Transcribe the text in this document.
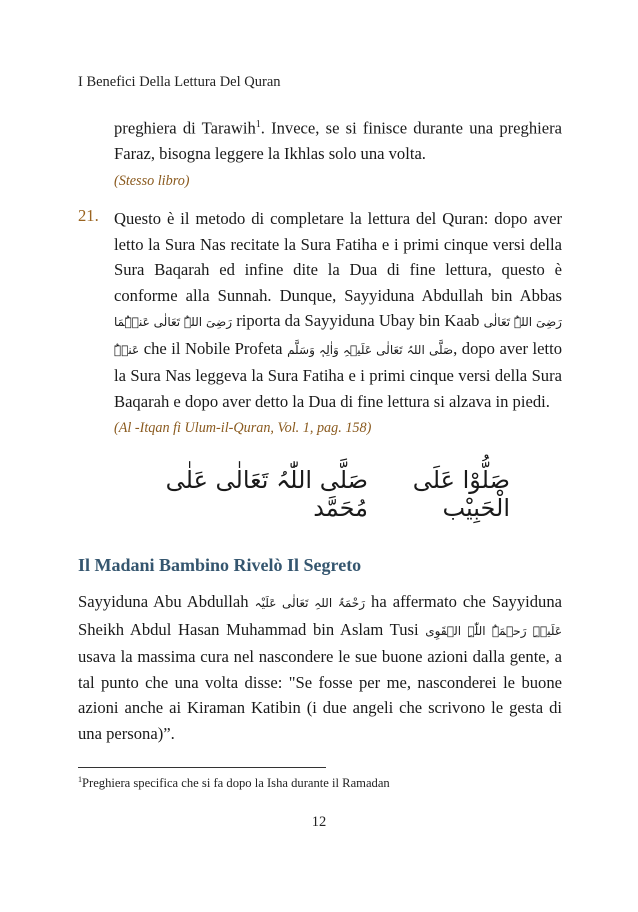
I Benefici Della Lettura Del Quran
preghiera di Tarawih$^1$. Invece, se si finisce durante una preghiera Faraz, bisogna leggere la Ikhlas solo una volta.
(Stesso libro)
21. Questo è il metodo di completare la lettura del Quran: dopo aver letto la Sura Nas recitate la Sura Fatiha e i primi cinque versi della Sura Baqarah ed infine dite la Dua di fine lettura, questo è conforme alla Sunnah. Dunque, Sayyiduna Abdullah bin Abbas رَضِیَ اللہُ تَعَالٰی عَنۡہُمَا riporta da Sayyiduna Ubay bin Kaab رَضِیَ اللہُ تَعَالٰی عَنۡہُ che il Nobile Profeta صَلَّی اللہُ تَعَالٰی عَلَیۡہِ وَاٰلِہٖ وَسَلَّم, dopo aver letto la Sura Nas leggeva la Sura Fatiha e i primi cinque versi della Sura Baqarah e dopo aver detto la Dua di fine lettura si alzava in piedi.
(Al -Itqan fi Ulum-il-Quran, Vol. 1, pag. 158)
صَلَّی اللّٰہُ تَعَالٰی عَلٰی مُحَمَّد
صَلُّوْا عَلَی الْحَبِیْب
Il Madani Bambino Rivelò Il Segreto
Sayyiduna Abu Abdullah رَحْمَۃُ اللہِ تَعَالٰی عَلَیْہ ha affermato che Sayyiduna Sheikh Abdul Hasan Muhammad bin Aslam Tusi عَلَیۡہِ رَحۡمَۃُ اللّٰہِ الۡقَوِی usava la massima cura nel nascondere le sue buone azioni dalla gente, a tal punto che una volta disse: "Se fosse per me, nasconderei le buone azioni anche ai Kiraman Katibin (i due angeli che scrivono le gesta di una persona)”.
$^1$Preghiera specifica che si fa dopo la Isha durante il Ramadan
12
